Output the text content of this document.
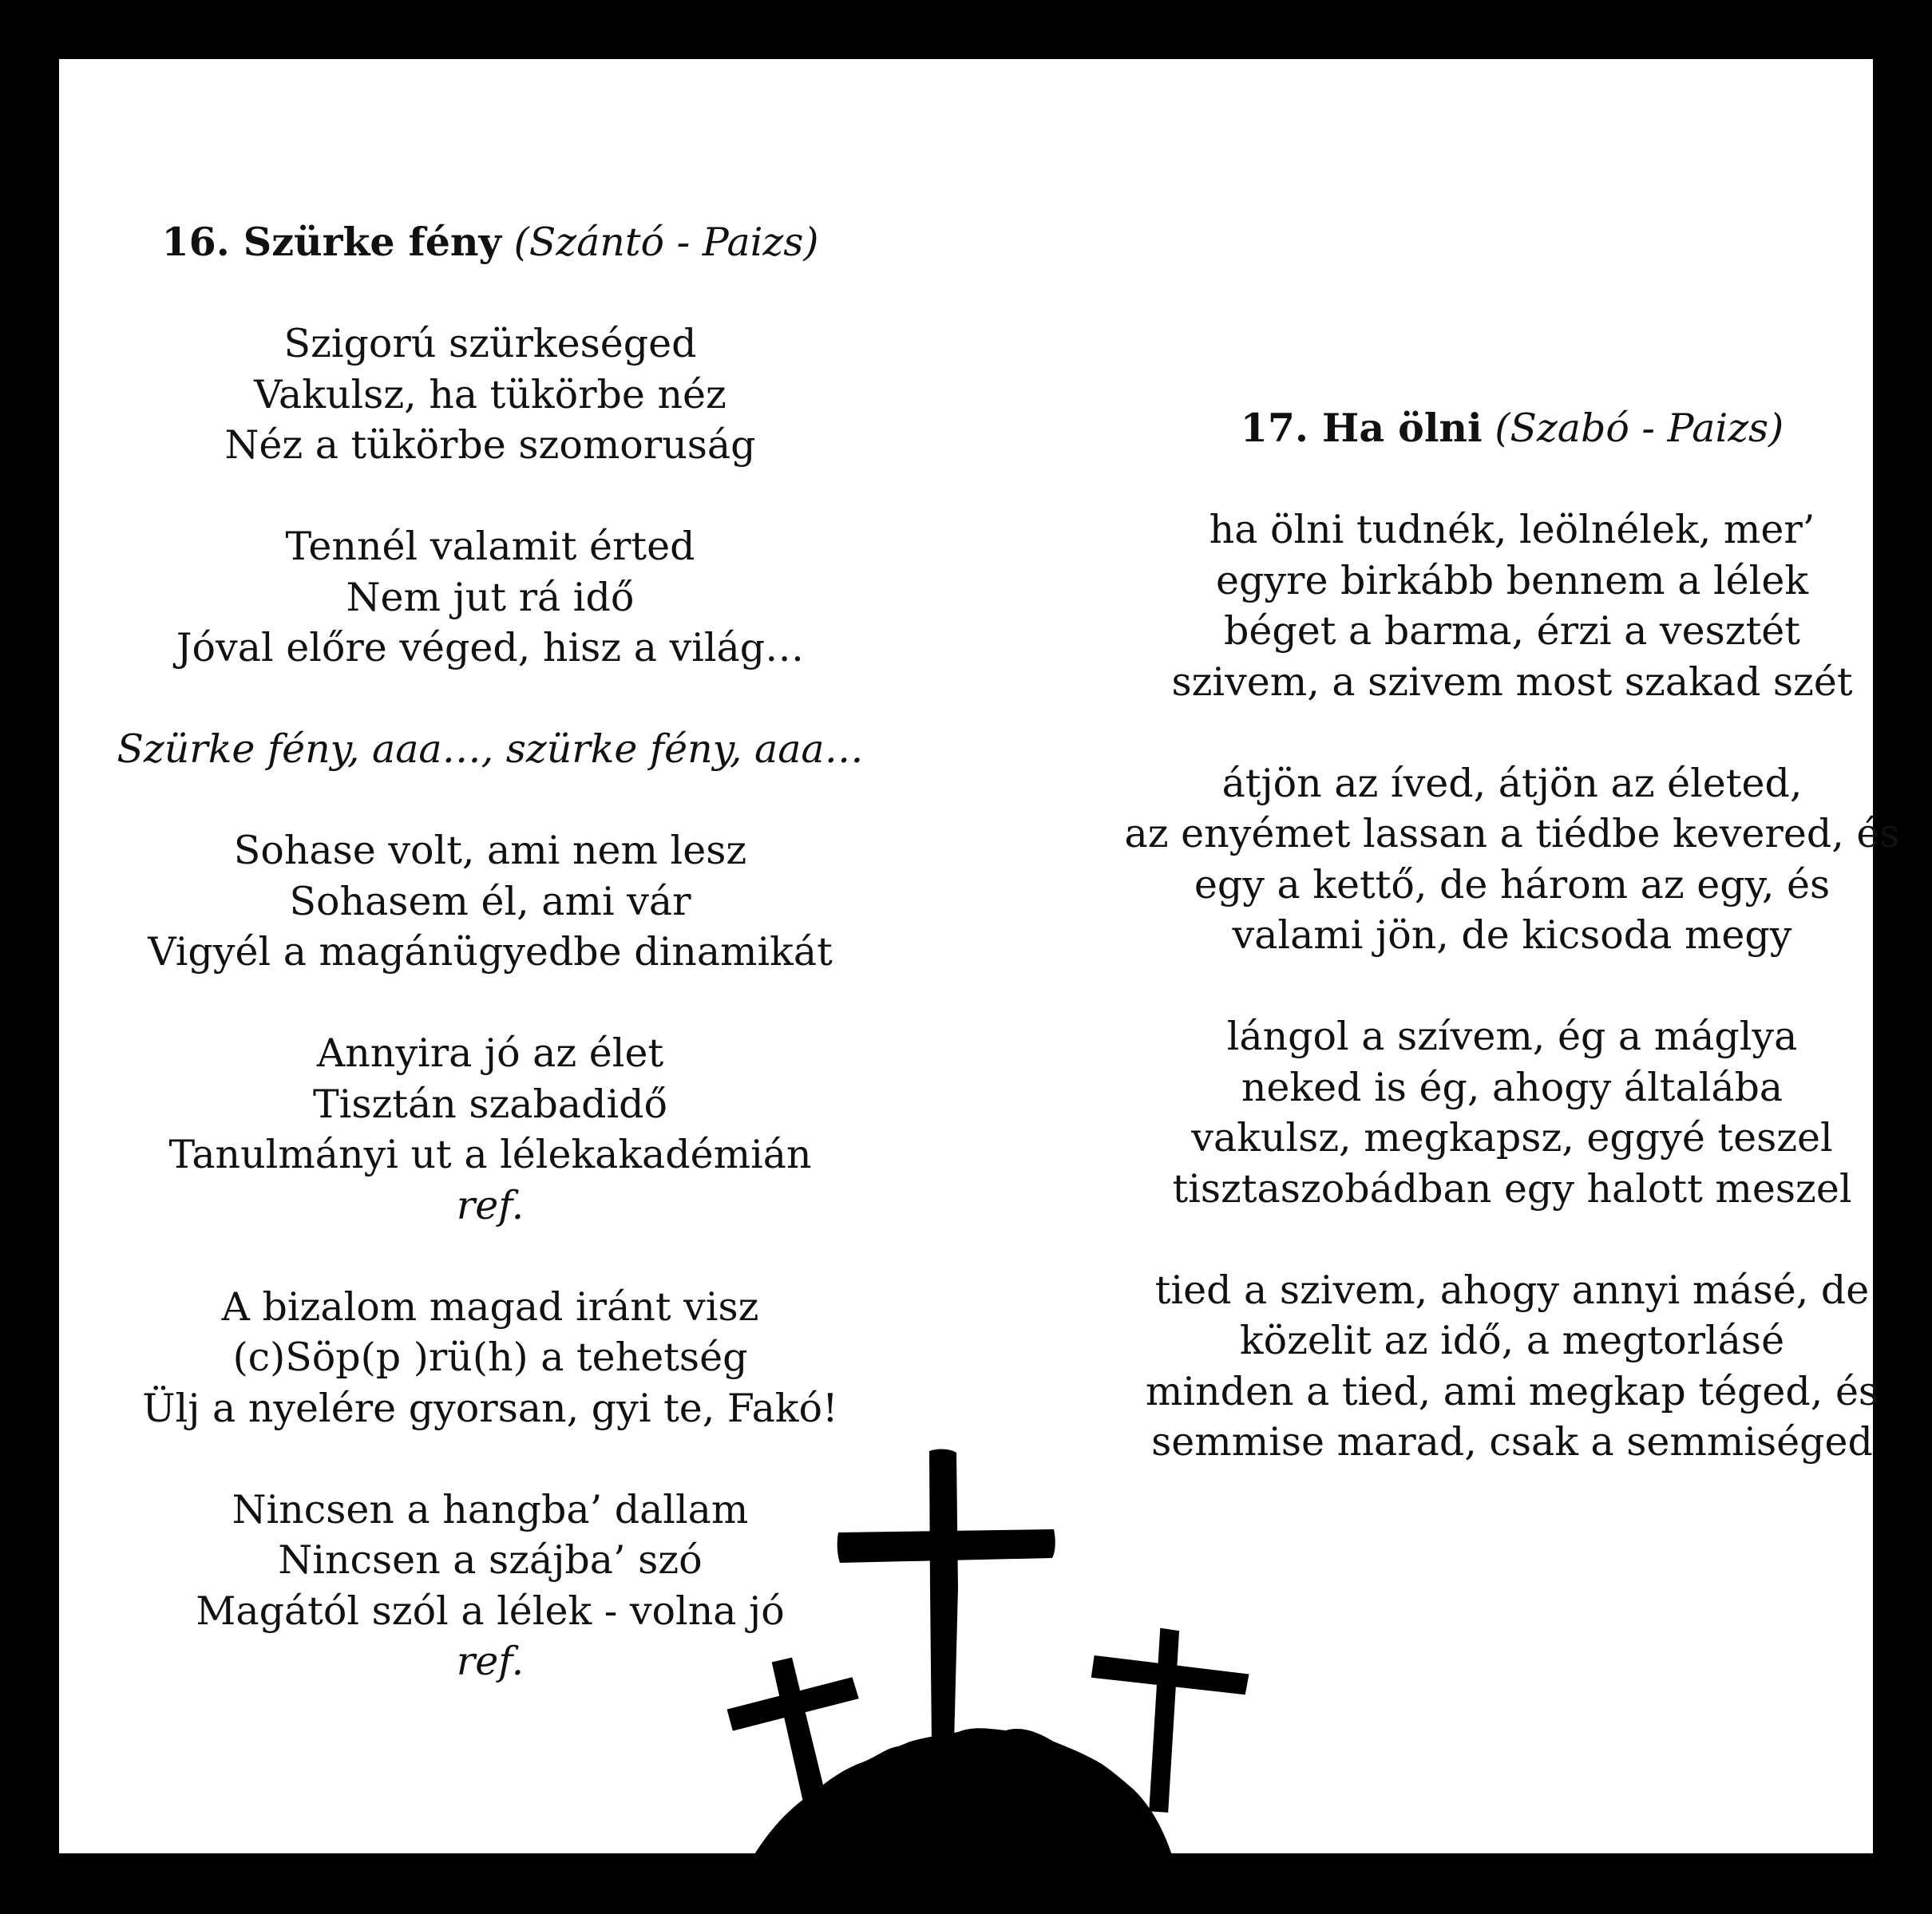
16. Szürke fény (Szántó - Paizs)
Szigorú szürkeséged
Vakulsz, ha tükörbe néz
Néz a tükörbe szomoruság
Tennél valamit érted
Nem jut rá idő
Jóval előre véged, hisz a világ…
Szürke fény, aaa…, szürke fény, aaa…
Sohase volt, ami nem lesz
Sohasem él, ami vár
Vigyél a magánügyedbe dinamikát
Annyira jó az élet
Tisztán szabadidő
Tanulmányi ut a lélekakadémián
ref.
A bizalom magad iránt visz
(c)Söp(p )rü(h) a tehetség
Ülj a nyelére gyorsan, gyi te, Fakó!
Nincsen a hangba’ dallam
Nincsen a szájba’ szó
Magától szól a lélek - volna jó
ref.
17. Ha ölni (Szabó - Paizs)
ha ölni tudnék, leölnélek, mer’
egyre birkább bennem a lélek
béget a barma, érzi a vesztét
szivem, a szivem most szakad szét
átjön az íved, átjön az életed,
az enyémet lassan a tiédbe kevered, és
egy a kettő, de három az egy, és
valami jön, de kicsoda megy
lángol a szívem, ég a máglya
neked is ég, ahogy általába
vakulsz, megkapsz, eggyé teszel
tisztaszobádban egy halott meszel
tied a szivem, ahogy annyi másé, de
közelit az idő, a megtorlásé
minden a tied, ami megkap téged, és
semmise marad, csak a semmiséged
